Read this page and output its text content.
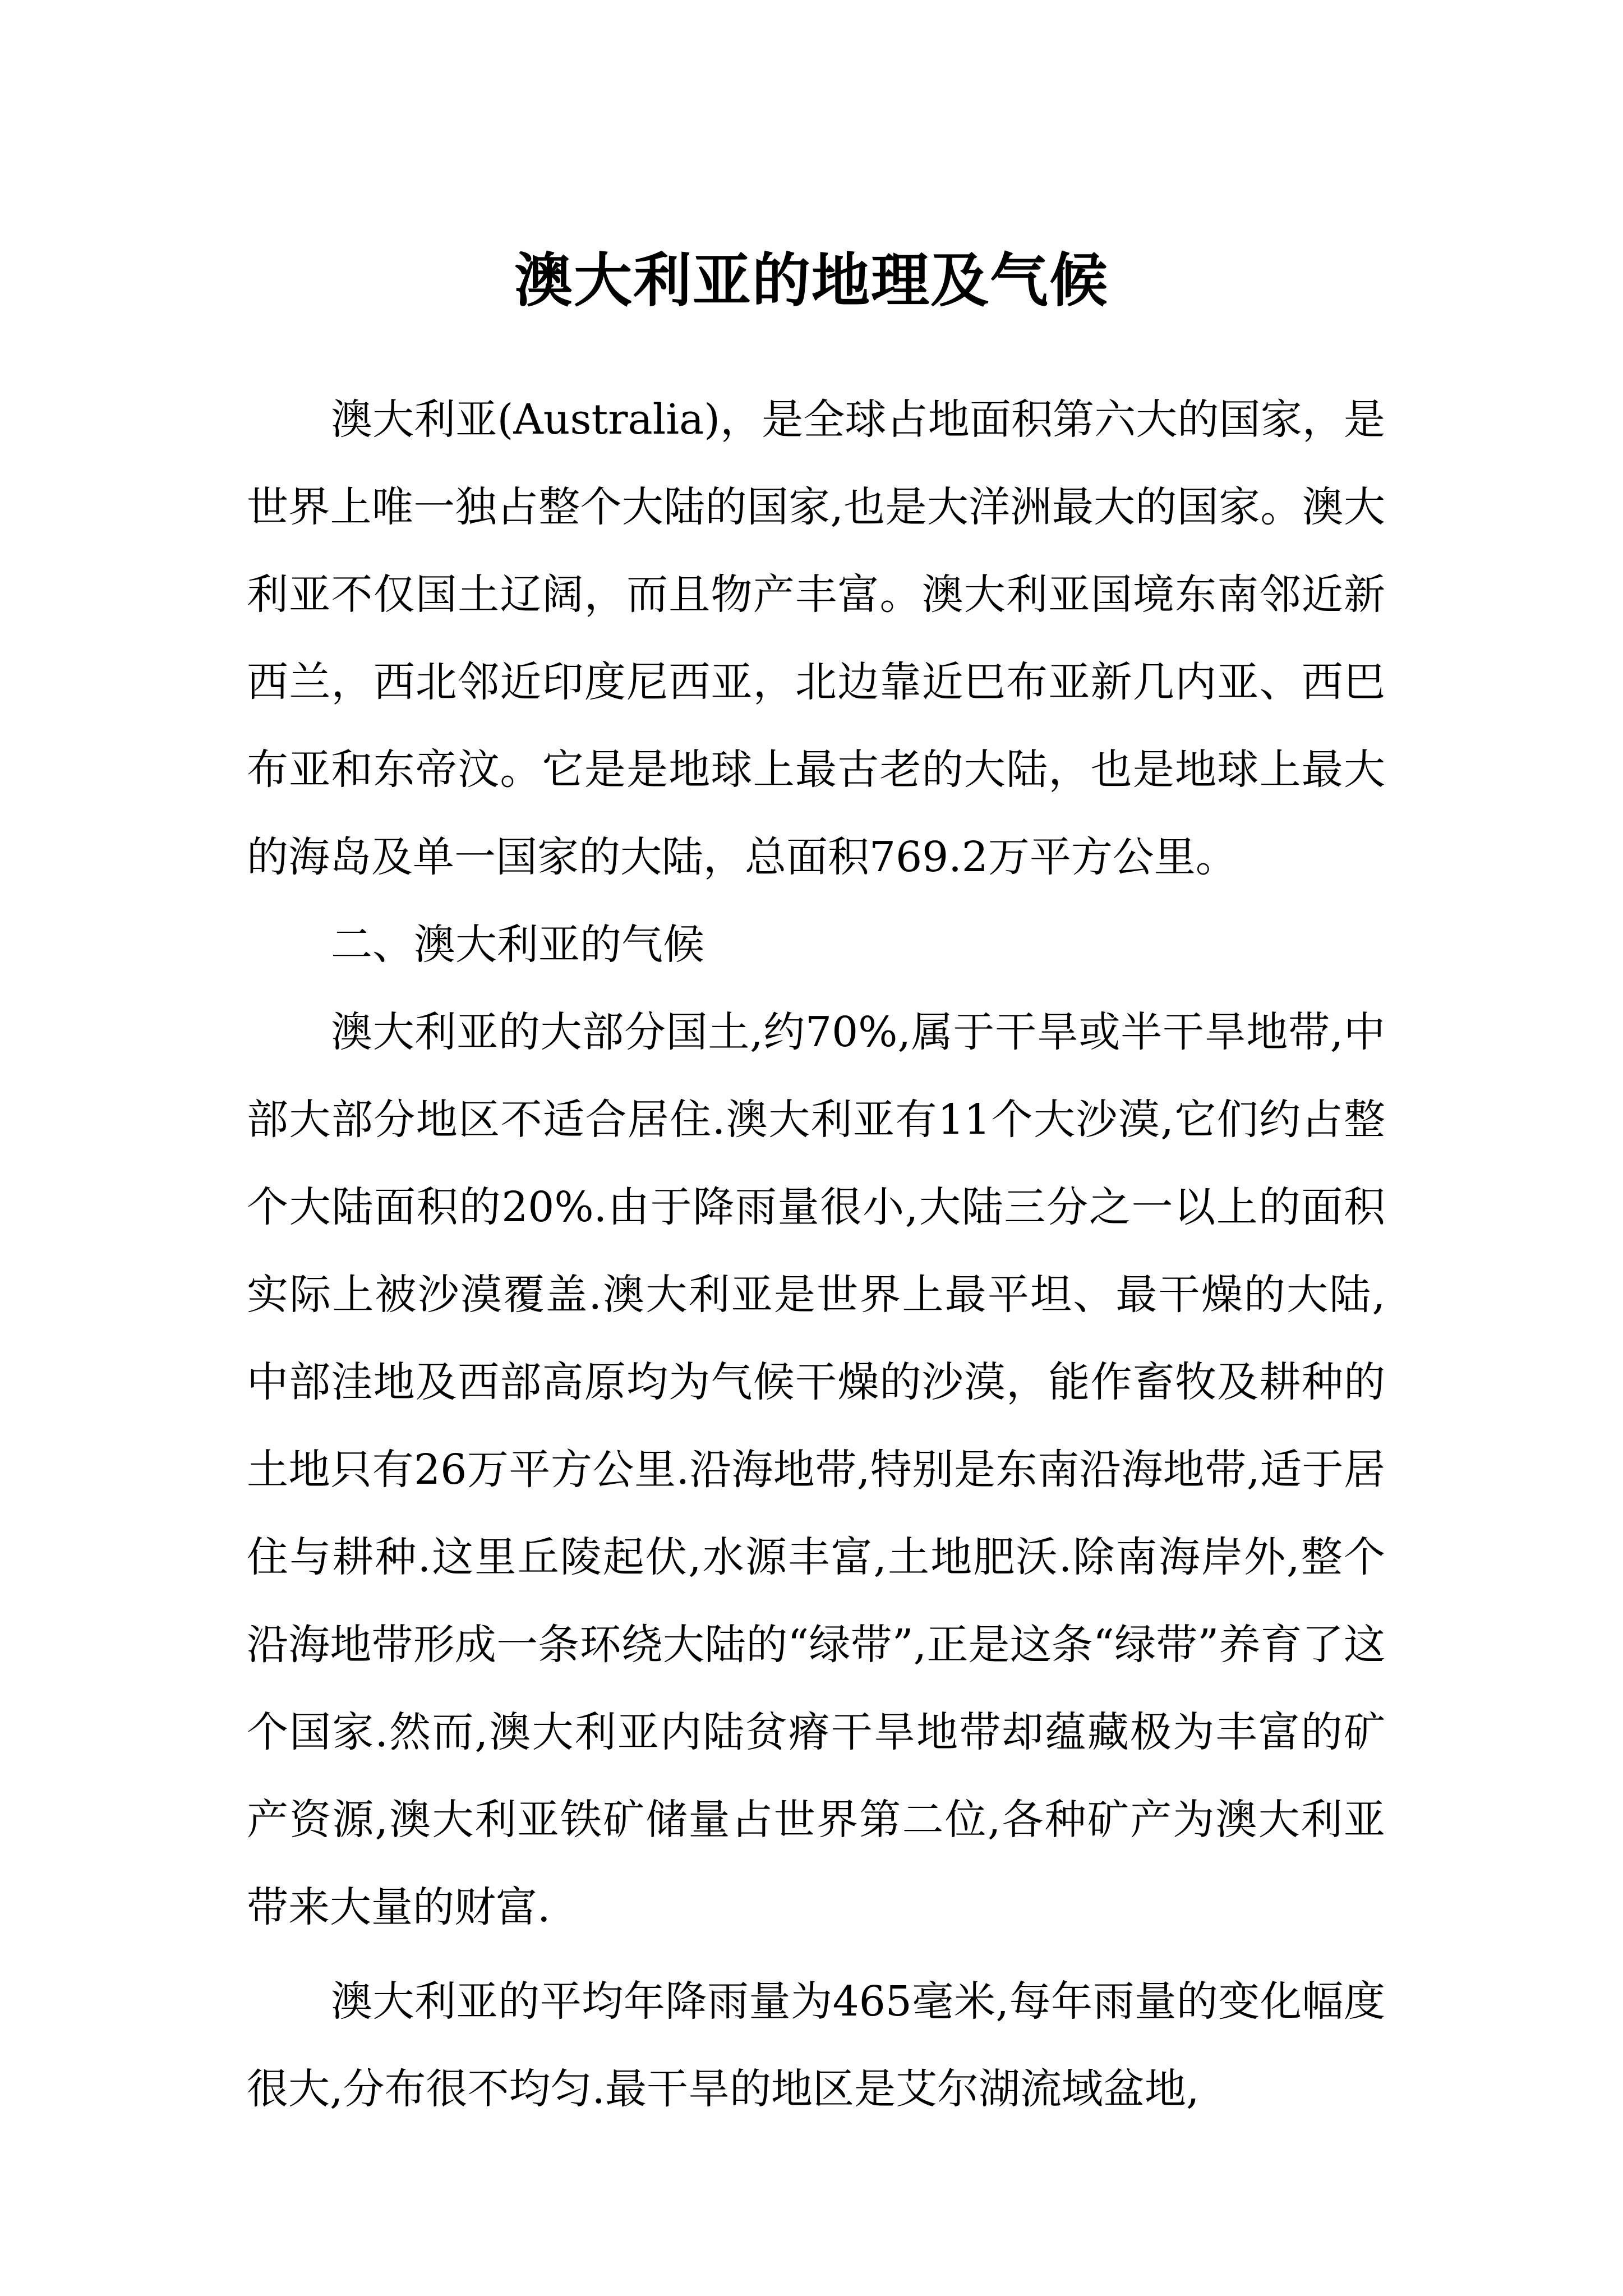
澳大利亚的地理及气候

澳大利亚(Australia)，是全球占地面积第六大的国家，是世界上唯一独占整个大陆的国家,也是大洋洲最大的国家。澳大利亚不仅国土辽阔，而且物产丰富。澳大利亚国境东南邻近新西兰，西北邻近印度尼西亚，北边靠近巴布亚新几内亚、西巴布亚和东帝汶。它是是地球上最古老的大陆，也是地球上最大的海岛及单一国家的大陆，总面积769.2万平方公里。

二、澳大利亚的气候

澳大利亚的大部分国土,约70%,属于干旱或半干旱地带,中部大部分地区不适合居住.澳大利亚有11个大沙漠,它们约占整个大陆面积的20%.由于降雨量很小,大陆三分之一以上的面积实际上被沙漠覆盖.澳大利亚是世界上最平坦、最干燥的大陆,中部洼地及西部高原均为气候干燥的沙漠，能作畜牧及耕种的土地只有26万平方公里.沿海地带,特别是东南沿海地带,适于居住与耕种.这里丘陵起伏,水源丰富,土地肥沃.除南海岸外,整个沿海地带形成一条环绕大陆的“绿带”,正是这条“绿带”养育了这个国家.然而,澳大利亚内陆贫瘠干旱地带却蕴藏极为丰富的矿产资源,澳大利亚铁矿储量占世界第二位,各种矿产为澳大利亚带来大量的财富.

澳大利亚的平均年降雨量为465毫米,每年雨量的变化幅度很大,分布很不均匀.最干旱的地区是艾尔湖流域盆地,
